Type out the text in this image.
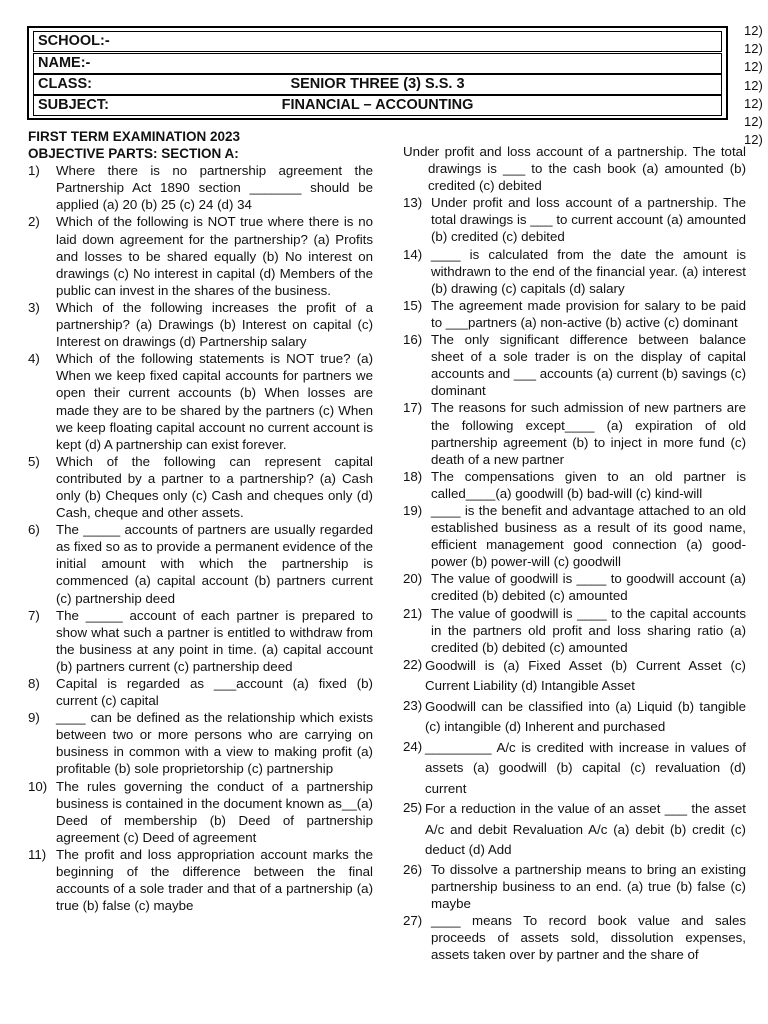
12)
12)
12)
12)
12)
12)
12)
SCHOOL:-
NAME:-
CLASS:	SENIOR THREE (3) S.S. 3
SUBJECT:	FINANCIAL – ACCOUNTING
FIRST TERM EXAMINATION 2023
OBJECTIVE PARTS: SECTION A:
1)	Where there is no partnership agreement the Partnership Act 1890 section _______ should be applied (a) 20 (b) 25 (c) 24 (d) 34
2)	Which of the following is NOT true where there is no laid down agreement for the partnership? (a) Profits and losses to be shared equally (b) No interest on drawings (c) No interest in capital (d) Members of the public can invest in the shares of the business.
3)	Which of the following increases the profit of a partnership? (a) Drawings (b) Interest on capital (c) Interest on drawings (d) Partnership salary
4)	Which of the following statements is NOT true? (a) When we keep fixed capital accounts for partners we open their current accounts (b) When losses are made they are to be shared by the partners (c) When we keep floating capital account no current account is kept (d) A partnership can exist forever.
5)	Which of the following can represent capital contributed by a partner to a partnership? (a) Cash only (b) Cheques only (c) Cash and cheques only (d) Cash, cheque and other assets.
6)	The _____ accounts of partners are usually regarded as fixed so as to provide a permanent evidence of the initial amount with which the partnership is commenced (a) capital account (b) partners current (c) partnership deed
7)	The _____ account of each partner is prepared to show what such a partner is entitled to withdraw from the business at any point in time. (a) capital account (b) partners current (c) partnership deed
8)	Capital is regarded as ___account (a) fixed (b) current (c) capital
9)	____ can be defined as the relationship which exists between two or more persons who are carrying on business in common with a view to making profit (a) profitable (b) sole proprietorship (c) partnership
10) The rules governing the conduct of a partnership business is contained in the document known as__(a) Deed of membership (b) Deed of partnership agreement (c) Deed of agreement
11) The profit and loss appropriation account marks the beginning of the difference between the final accounts of a sole trader and that of a partnership (a) true (b) false (c) maybe
Under profit and loss account of a partnership. The total drawings is ___ to the cash book (a) amounted (b) credited (c) debited
13) Under profit and loss account of a partnership. The total drawings is ___ to current account (a) amounted (b) credited (c) debited
14) ____ is calculated from the date the amount is withdrawn to the end of the financial year. (a) interest (b) drawing (c) capitals (d) salary
15) The agreement made provision for salary to be paid to ___partners (a) non-active (b) active (c) dominant
16) The only significant difference between balance sheet of a sole trader is on the display of capital accounts and ___ accounts (a) current (b) savings (c) dominant
17) The reasons for such admission of new partners are the following except____ (a) expiration of old partnership agreement (b) to inject in more fund (c) death of a new partner
18) The compensations given to an old partner is called____(a) goodwill (b) bad-will (c) kind-will
19) ____ is the benefit and advantage attached to an old established business as a result of its good name, efficient management good connection (a) good-power (b) power-will (c) goodwill
20) The value of goodwill is ____ to goodwill account (a) credited (b) debited (c) amounted
21) The value of goodwill is ____ to the capital accounts in the partners old profit and loss sharing ratio (a) credited (b) debited (c) amounted
22) Goodwill is (a) Fixed Asset (b) Current Asset (c) Current Liability (d) Intangible Asset
23) Goodwill can be classified into (a) Liquid (b) tangible (c) intangible (d) Inherent and purchased
24) _________ A/c is credited with increase in values of assets (a) goodwill (b) capital (c) revaluation (d) current
25) For a reduction in the value of an asset ___ the asset A/c and debit Revaluation A/c (a) debit (b) credit (c) deduct (d) Add
26) To dissolve a partnership means to bring an existing partnership business to an end. (a) true (b) false (c) maybe
27) ____ means To record book value and sales proceeds of assets sold, dissolution expenses, assets taken over by partner and the share of
